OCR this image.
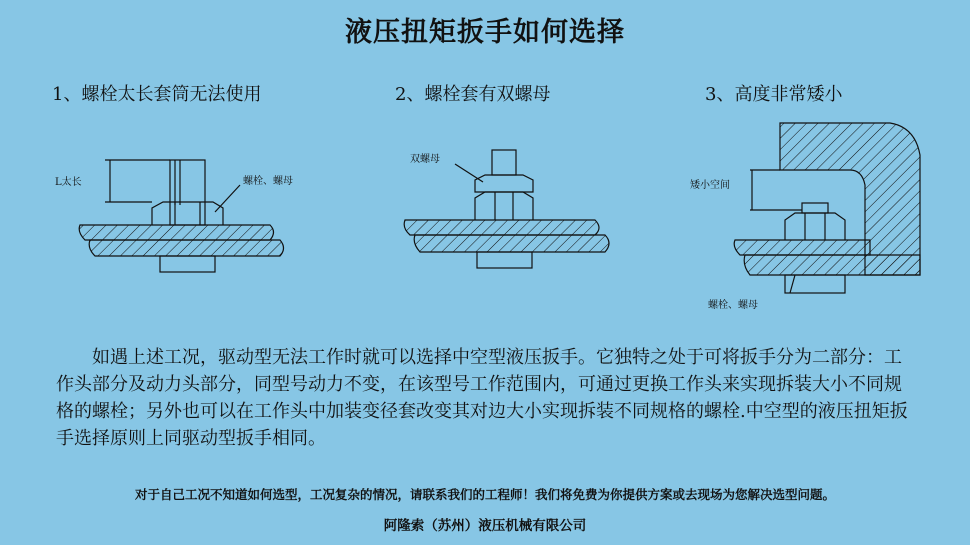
液压扭矩扳手如何选择
1、螺栓太长套筒无法使用	2、螺栓套有双螺母	3、高度非常矮小
L太长	螺栓、螺母
双螺母
矮小空间
螺栓、螺母
如遇上述工况，驱动型无法工作时就可以选择中空型液压扳手。它独特之处于可将扳手分为二部分：工作头部分及动力头部分，同型号动力不变，在该型号工作范围内，可通过更换工作头来实现拆装大小不同规格的螺栓；另外也可以在工作头中加装变径套改变其对边大小实现拆装不同规格的螺栓.中空型的液压扭矩扳手选择原则上同驱动型扳手相同。
对于自己工况不知道如何选型，工况复杂的情况，请联系我们的工程师！我们将免费为你提供方案或去现场为您解决选型问题。
阿隆索（苏州）液压机械有限公司
